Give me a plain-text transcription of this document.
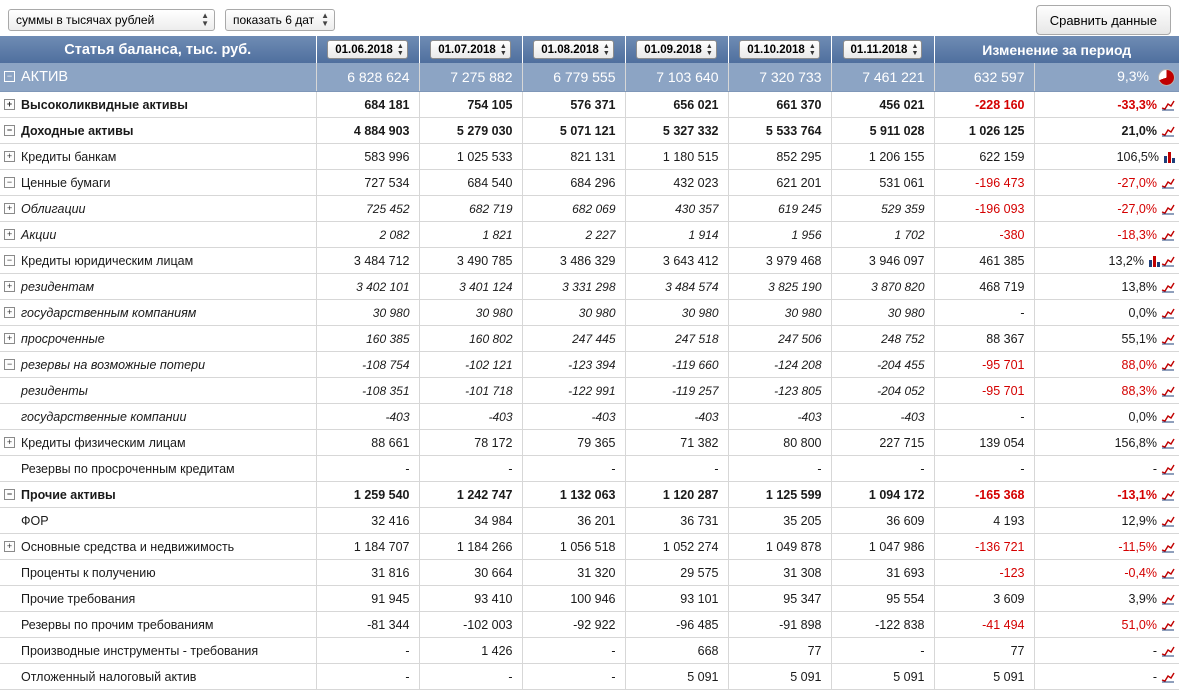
суммы в тысячах рублей	▲
▼ показать 6 дат ▲
▼	Сравнить данные
Статья баланса, тыс. руб.	01.06.2018 ▲
▼	01.07.2018 ▲
▼	01.08.2018 ▲
▼	01.09.2018 ▲
▼	01.10.2018 ▲
▼	01.11.2018 ▲
▼	Изменение за период	
− АКТИВ	6 828 624	7 275 882	6 779 555	7 103 640	7 320 733	7 461 221	632 597	9,3%

+ Высоколиквидные активы	684 181	754 105	576 371	656 021	661 370	456 021	-228 160	-33,3%

− Доходные активы	4 884 903	5 279 030	5 071 121	5 327 332	5 533 764	5 911 028	1 026 125	21,0%

+ Кредиты банкам	583 996	1 025 533	821 131	1 180 515	852 295	1 206 155	622 159	106,5%

− Ценные бумаги	727 534	684 540	684 296	432 023	621 201	531 061	-196 473	-27,0%

+ Облигации	725 452	682 719	682 069	430 357	619 245	529 359	-196 093	-27,0%

+ Акции	2 082	1 821	2 227	1 914	1 956	1 702	-380	-18,3%

− Кредиты юридическим лицам	3 484 712	3 490 785	3 486 329	3 643 412	3 979 468	3 946 097	461 385	13,2%

+ резидентам	3 402 101	3 401 124	3 331 298	3 484 574	3 825 190	3 870 820	468 719	13,8%

+ государственным компаниям	30 980	30 980	30 980	30 980	30 980	30 980	-	0,0%

+ просроченные	160 385	160 802	247 445	247 518	247 506	248 752	88 367	55,1%

− резервы на возможные потери	-108 754	-102 121	-123 394	-119 660	-124 208	-204 455	-95 701	88,0%

резиденты	-108 351	-101 718	-122 991	-119 257	-123 805	-204 052	-95 701	88,3%

государственные компании	-403	-403	-403	-403	-403	-403	-	0,0%

+ Кредиты физическим лицам	88 661	78 172	79 365	71 382	80 800	227 715	139 054	156,8%

Резервы по просроченным кредитам	-	-	-	-	-	-	-	-

− Прочие активы	1 259 540	1 242 747	1 132 063	1 120 287	1 125 599	1 094 172	-165 368	-13,1%

ФОР	32 416	34 984	36 201	36 731	35 205	36 609	4 193	12,9%

+ Основные средства и недвижимость	1 184 707	1 184 266	1 056 518	1 052 274	1 049 878	1 047 986	-136 721	-11,5%

Проценты к получению	31 816	30 664	31 320	29 575	31 308	31 693	-123	-0,4%

Прочие требования	91 945	93 410	100 946	93 101	95 347	95 554	3 609	3,9%

Резервы по прочим требованиям	-81 344	-102 003	-92 922	-96 485	-91 898	-122 838	-41 494	51,0%

Производные инструменты - требования	-	1 426	-	668	77	-	77	-

Отложенный налоговый актив	-	-	-	5 091	5 091	5 091	5 091	-
